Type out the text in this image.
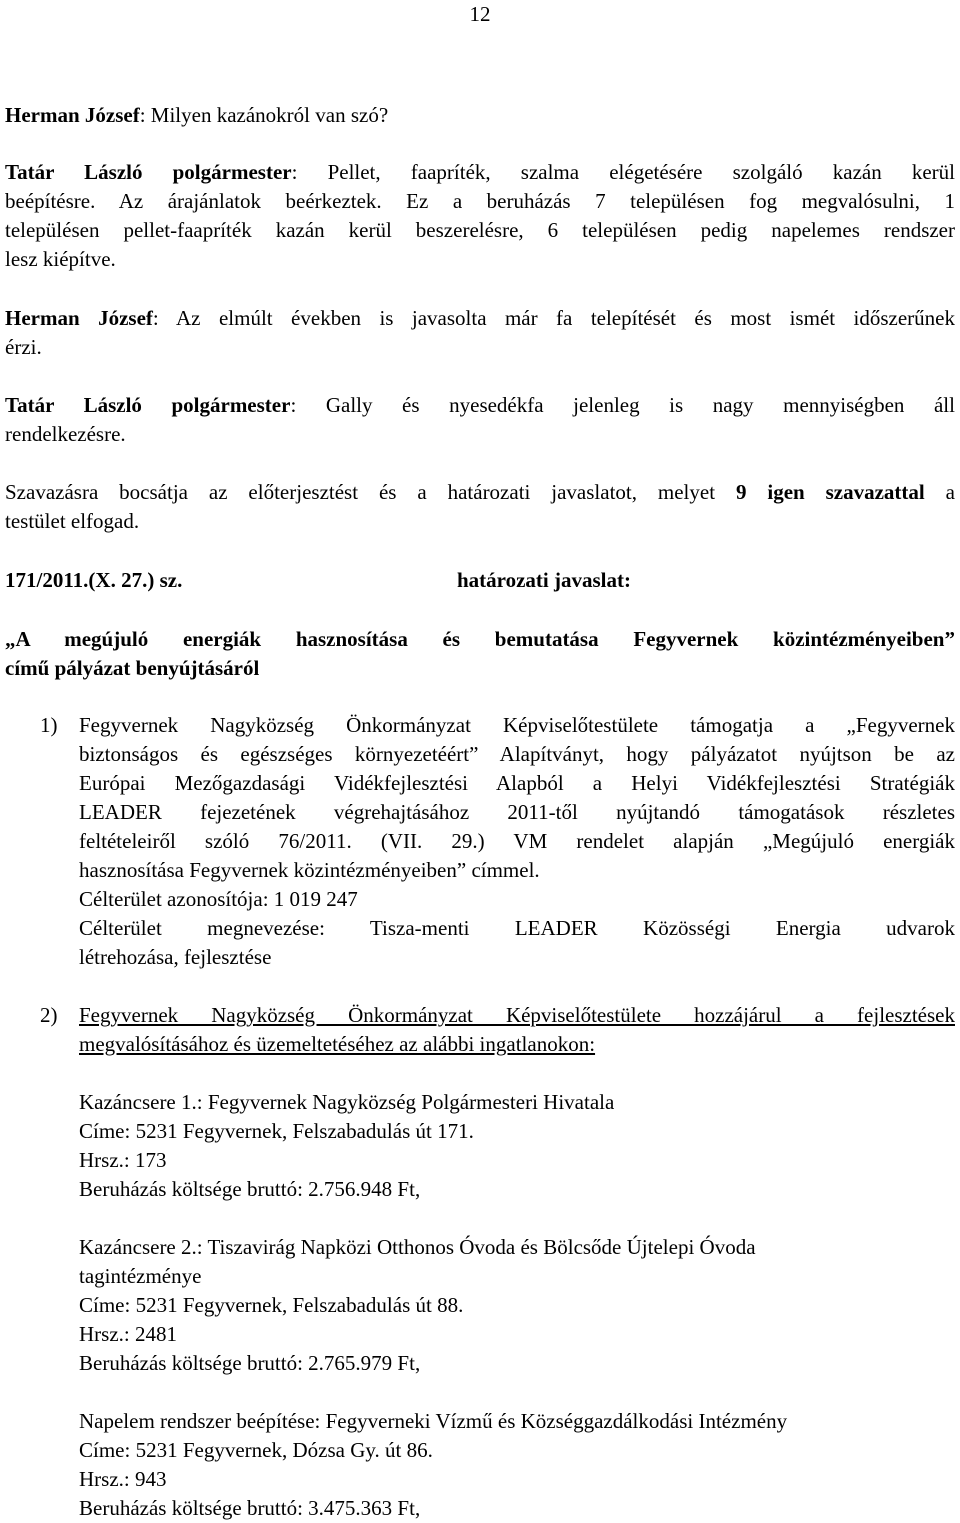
12
Herman József: Milyen kazánokról van szó?
Tatár László polgármester: Pellet, faapríték, szalma elégetésére szolgáló kazán kerül
beépítésre. Az árajánlatok beérkeztek. Ez a beruházás 7 településen fog megvalósulni, 1
településen pellet-faapríték kazán kerül beszerelésre, 6 településen pedig napelemes rendszer
lesz kiépítve.
Herman József: Az elmúlt években is javasolta már fa telepítését és most ismét időszerűnek
érzi.
Tatár László polgármester: Gally és nyesedékfa jelenleg is nagy mennyiségben áll
rendelkezésre.
Szavazásra bocsátja az előterjesztést és a határozati javaslatot, melyet 9 igen szavazattal a
testület elfogad.
171/2011.(X. 27.) sz.	határozati javaslat:
„A megújuló energiák hasznosítása és bemutatása Fegyvernek közintézményeiben”
című pályázat benyújtásáról
1) Fegyvernek Nagyközség Önkormányzat Képviselőtestülete támogatja a „Fegyvernek
biztonságos és egészséges környezetéért” Alapítványt, hogy pályázatot nyújtson be az
Európai Mezőgazdasági Vidékfejlesztési Alapból a Helyi Vidékfejlesztési Stratégiák
LEADER fejezetének végrehajtásához 2011-től nyújtandó támogatások részletes
feltételeiről szóló 76/2011. (VII. 29.) VM rendelet alapján „Megújuló energiák
hasznosítása Fegyvernek közintézményeiben” címmel.
Célterület azonosítója: 1 019 247
Célterület megnevezése: Tisza-menti LEADER Közösségi Energia udvarok
létrehozása, fejlesztése
2) Fegyvernek Nagyközség Önkormányzat Képviselőtestülete hozzájárul a fejlesztések
megvalósításához és üzemeltetéséhez az alábbi ingatlanokon:
Kazáncsere 1.: Fegyvernek Nagyközség Polgármesteri Hivatala
Címe: 5231 Fegyvernek, Felszabadulás út 171.
Hrsz.: 173
Beruházás költsége bruttó: 2.756.948 Ft,
Kazáncsere 2.: Tiszavirág Napközi Otthonos Óvoda és Bölcsőde Újtelepi Óvoda
tagintézménye
Címe: 5231 Fegyvernek, Felszabadulás út 88.
Hrsz.: 2481
Beruházás költsége bruttó: 2.765.979 Ft,
Napelem rendszer beépítése: Fegyverneki Vízmű és Községgazdálkodási Intézmény
Címe: 5231 Fegyvernek, Dózsa Gy. út 86.
Hrsz.: 943
Beruházás költsége bruttó: 3.475.363 Ft,
